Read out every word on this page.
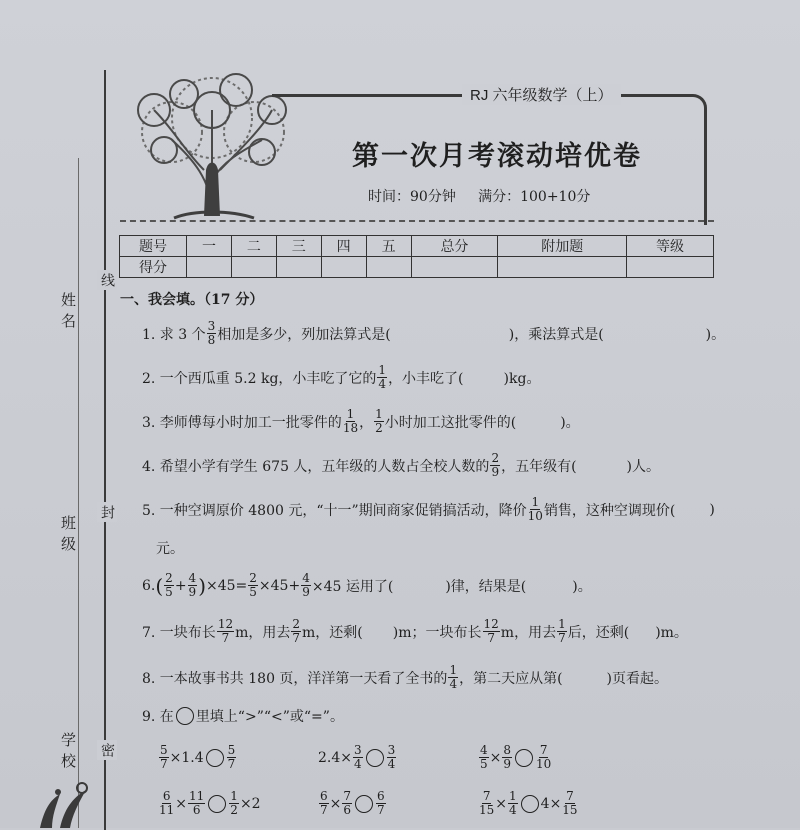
姓名
班级
学校
线
封
密
RJ 六年级数学（上）
第一次月考滚动培优卷
时间：90分钟 满分：100+10分
题号	一	二	三	四	五	总分	附加题	等级
得分								
一、我会填。（17 分）
1. 求 3 个 $\frac{3}{8}$ 相加是多少，列加法算式是(	)，乘法算式是(	)。
2. 一个西瓜重 5.2 kg，小丰吃了它的 $\frac{1}{4}$ ，小丰吃了(	)kg。
3. 李师傅每小时加工一批零件的 $\frac{1}{18}$ ， $\frac{1}{2}$ 小时加工这批零件的(	)。
4. 希望小学有学生 675 人，五年级的人数占全校人数的 $\frac{2}{9}$ ，五年级有(	)人。
5. 一种空调原价 4800 元，“十一”期间商家促销搞活动，降价 $\frac{1}{10}$ 销售，这种空调现价( )
元。
6. ( $\frac{2}{5} + \frac{4}{9}$ ) $\times 45= \frac{2}{5} \times 45+ \frac{4}{9} \times 45$ 运用了(	)律，结果是(	)。
7. 一块布长 $\frac{12}{7}$ m，用去 $\frac{2}{7}$ m，还剩( )m；一块布长 $\frac{12}{7}$ m，用去 $\frac{1}{7}$ 后，还剩( )m。
8. 一本故事书共 180 页，洋洋第一天看了全书的 $\frac{1}{4}$ ，第二天应从第(	)页看起。
9. 在 里填上“>”“<”或“=”。
$\frac{5}{7} \times 1.4 \frac{5}{7}$	$2.4\times \frac{3}{4} \frac{3}{4}$	$\frac{4}{5} \times \frac{8}{9} \frac{7}{10}$
$\frac{6}{11} \times \frac{11}{6} \frac{1}{2} \times 2$	$\frac{6}{7} \times \frac{7}{6} \frac{6}{7}$	$\frac{7}{15} \times \frac{1}{4} 4\times \frac{7}{15}$
